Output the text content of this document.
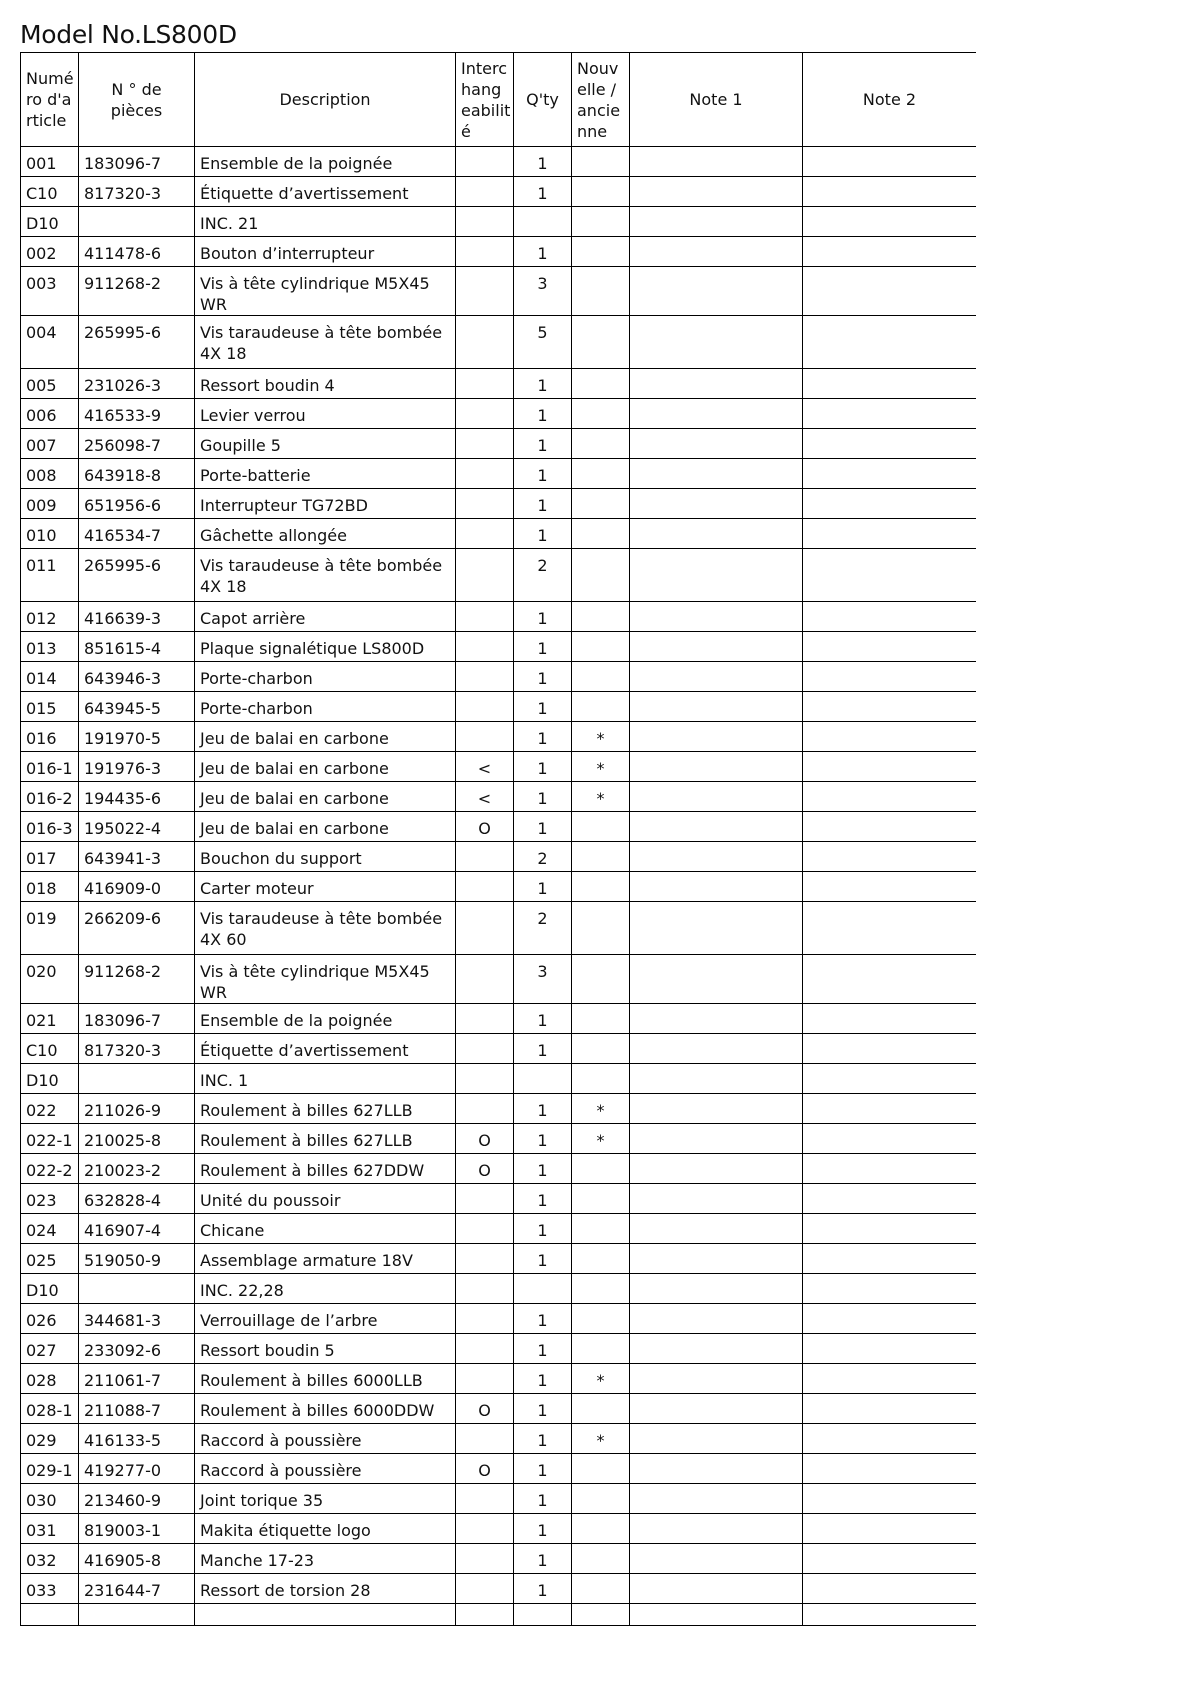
Model No.LS800D
Numé ro d'a rticle	N ° de pièces	Description	Interc hang eabilit é	Q'ty	Nouv elle / ancie nne	Note 1	Note 2
001	183096-7	Ensemble de la poignée		1			
C10	817320-3	Étiquette d’avertissement		1			
D10		INC. 21					
002	411478-6	Bouton d’interrupteur		1			
003	911268-2	Vis à tête cylindrique M5X45 WR		3			
004	265995-6	Vis taraudeuse à tête bombée 4X 18		5			
005	231026-3	Ressort boudin 4		1			
006	416533-9	Levier verrou		1			
007	256098-7	Goupille 5		1			
008	643918-8	Porte-batterie		1			
009	651956-6	Interrupteur TG72BD		1			
010	416534-7	Gâchette allongée		1			
011	265995-6	Vis taraudeuse à tête bombée 4X 18		2			
012	416639-3	Capot arrière		1			
013	851615-4	Plaque signalétique LS800D		1			
014	643946-3	Porte-charbon		1			
015	643945-5	Porte-charbon		1			
016	191970-5	Jeu de balai en carbone		1	*		
016-1	191976-3	Jeu de balai en carbone	<	1	*		
016-2	194435-6	Jeu de balai en carbone	<	1	*		
016-3	195022-4	Jeu de balai en carbone	O	1			
017	643941-3	Bouchon du support		2			
018	416909-0	Carter moteur		1			
019	266209-6	Vis taraudeuse à tête bombée 4X 60		2			
020	911268-2	Vis à tête cylindrique M5X45 WR		3			
021	183096-7	Ensemble de la poignée		1			
C10	817320-3	Étiquette d’avertissement		1			
D10		INC. 1					
022	211026-9	Roulement à billes 627LLB		1	*		
022-1	210025-8	Roulement à billes 627LLB	O	1	*		
022-2	210023-2	Roulement à billes 627DDW	O	1			
023	632828-4	Unité du poussoir		1			
024	416907-4	Chicane		1			
025	519050-9	Assemblage armature 18V		1			
D10		INC. 22,28					
026	344681-3	Verrouillage de l’arbre		1			
027	233092-6	Ressort boudin 5		1			
028	211061-7	Roulement à billes 6000LLB		1	*		
028-1	211088-7	Roulement à billes 6000DDW	O	1			
029	416133-5	Raccord à poussière		1	*		
029-1	419277-0	Raccord à poussière	O	1			
030	213460-9	Joint torique 35		1			
031	819003-1	Makita étiquette logo		1			
032	416905-8	Manche 17-23		1			
033	231644-7	Ressort de torsion 28		1			
